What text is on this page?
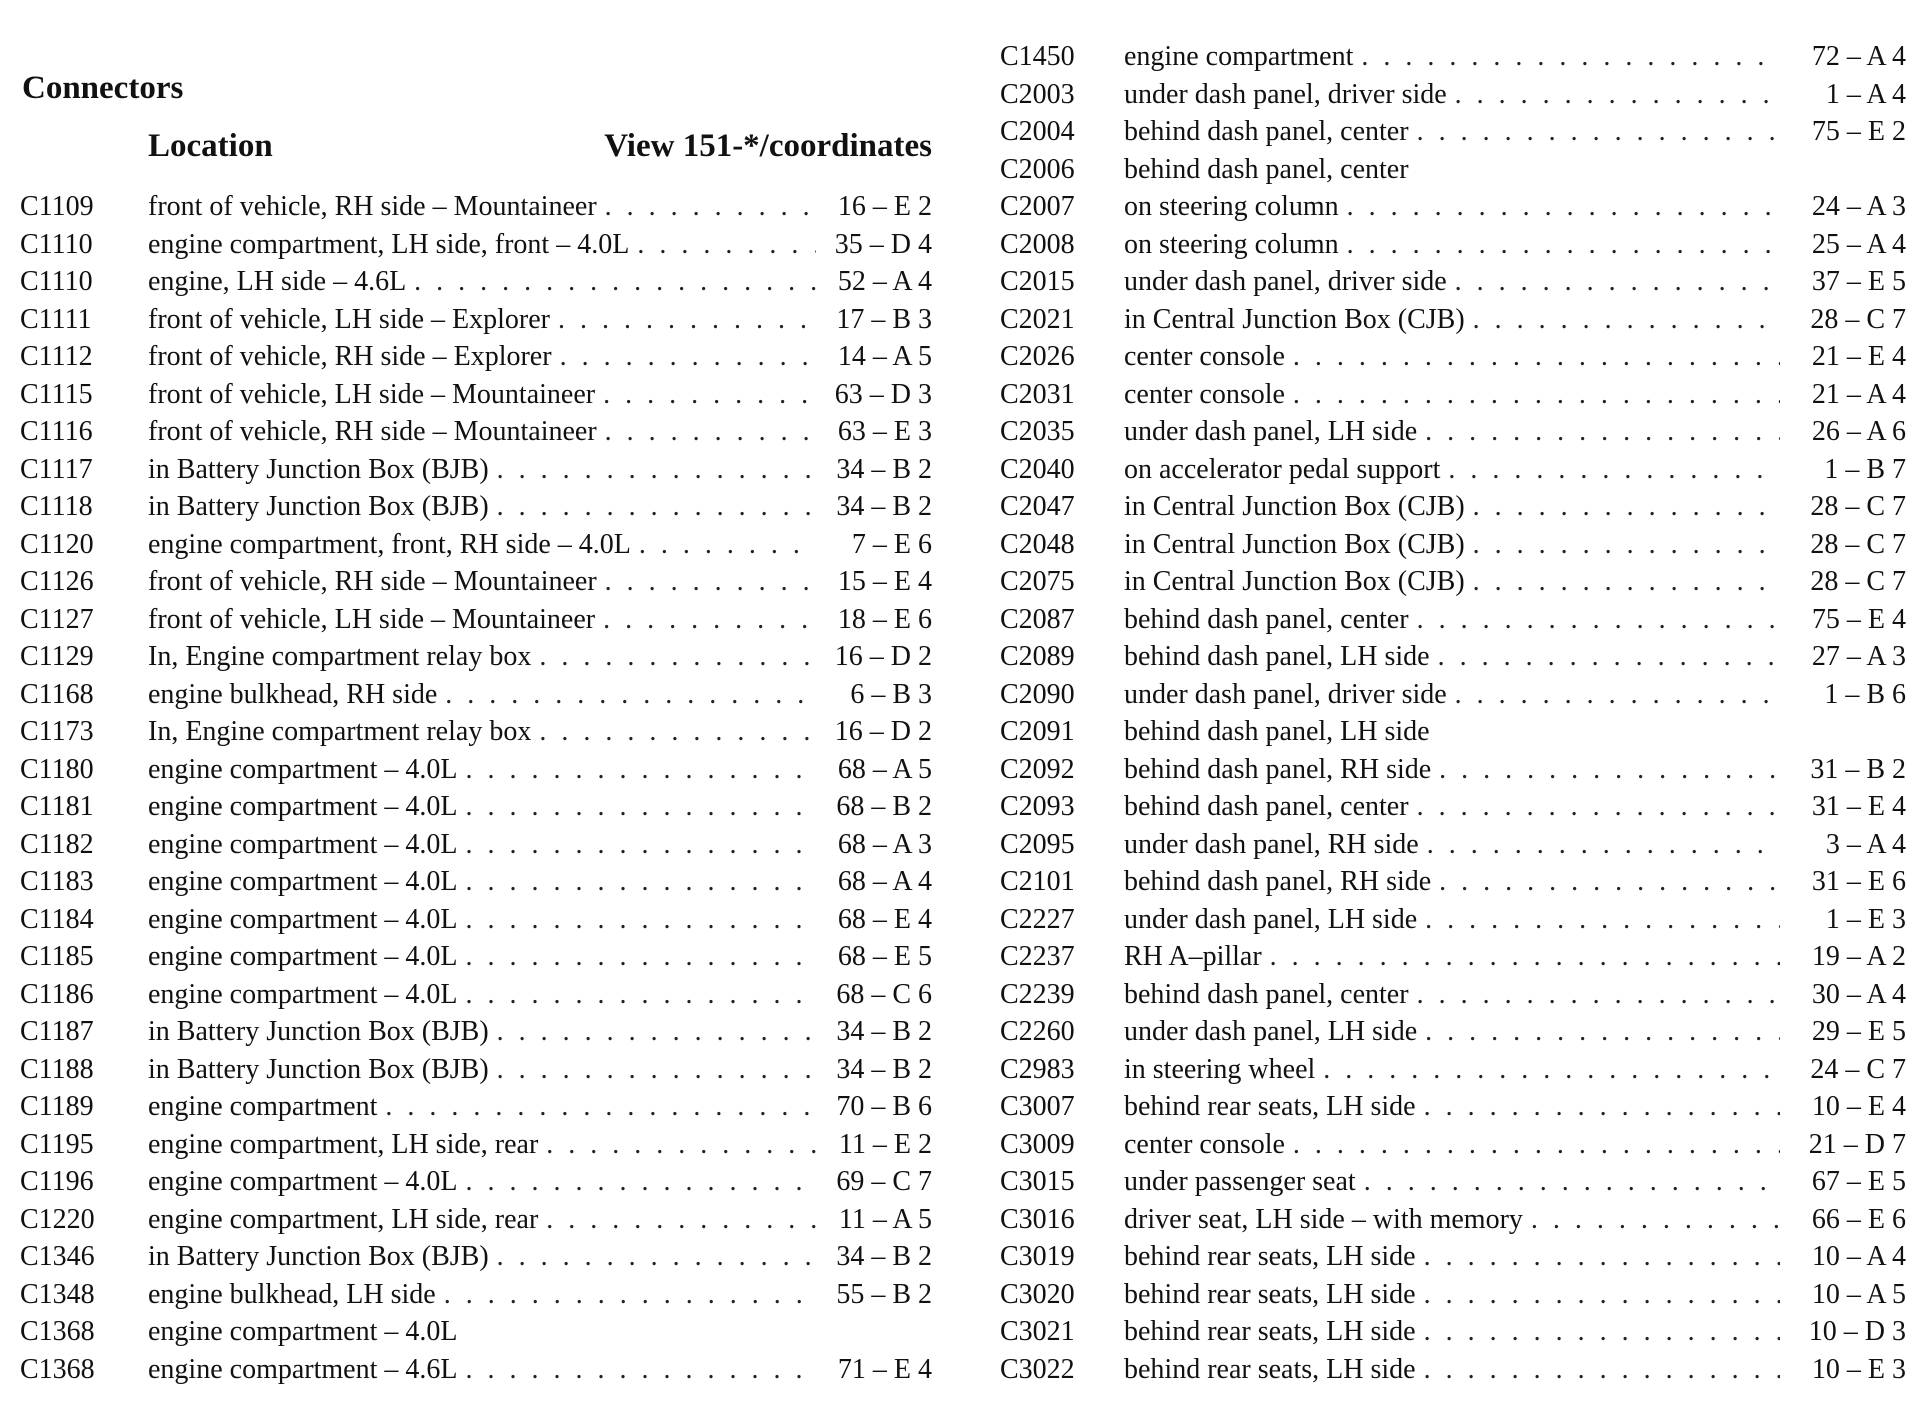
Connectors
Location	View 151-*/coordinates
C1109	front of vehicle, RH side – Mountaineer . . .	16 – E 2
C1110	engine compartment, LH side, front – 4.0L . . .	35 – D 4
C1110	engine, LH side – 4.6L . . .	52 – A 4
C1111	front of vehicle, LH side – Explorer . . .	17 – B 3
C1112	front of vehicle, RH side – Explorer . . .	14 – A 5
C1115	front of vehicle, LH side – Mountaineer . . .	63 – D 3
C1116	front of vehicle, RH side – Mountaineer . . .	63 – E 3
C1117	in Battery Junction Box (BJB) . . .	34 – B 2
C1118	in Battery Junction Box (BJB) . . .	34 – B 2
C1120	engine compartment, front, RH side – 4.0L . . .	7 – E 6
C1126	front of vehicle, RH side – Mountaineer . . .	15 – E 4
C1127	front of vehicle, LH side – Mountaineer . . .	18 – E 6
C1129	In, Engine compartment relay box . . .	16 – D 2
C1168	engine bulkhead, RH side . . .	6 – B 3
C1173	In, Engine compartment relay box . . .	16 – D 2
C1180	engine compartment – 4.0L . . .	68 – A 5
C1181	engine compartment – 4.0L . . .	68 – B 2
C1182	engine compartment – 4.0L . . .	68 – A 3
C1183	engine compartment – 4.0L . . .	68 – A 4
C1184	engine compartment – 4.0L . . .	68 – E 4
C1185	engine compartment – 4.0L . . .	68 – E 5
C1186	engine compartment – 4.0L . . .	68 – C 6
C1187	in Battery Junction Box (BJB) . . .	34 – B 2
C1188	in Battery Junction Box (BJB) . . .	34 – B 2
C1189	engine compartment . . .	70 – B 6
C1195	engine compartment, LH side, rear . . .	11 – E 2
C1196	engine compartment – 4.0L . . .	69 – C 7
C1220	engine compartment, LH side, rear . . .	11 – A 5
C1346	in Battery Junction Box (BJB) . . .	34 – B 2
C1348	engine bulkhead, LH side . . .	55 – B 2
C1368	engine compartment – 4.0L
C1368	engine compartment – 4.6L . . .	71 – E 4
C1450	engine compartment . . .	72 – A 4
C2003	under dash panel, driver side . . .	1 – A 4
C2004	behind dash panel, center . . .	75 – E 2
C2006	behind dash panel, center
C2007	on steering column . . .	24 – A 3
C2008	on steering column . . .	25 – A 4
C2015	under dash panel, driver side . . .	37 – E 5
C2021	in Central Junction Box (CJB) . . .	28 – C 7
C2026	center console . . .	21 – E 4
C2031	center console . . .	21 – A 4
C2035	under dash panel, LH side . . .	26 – A 6
C2040	on accelerator pedal support . . .	1 – B 7
C2047	in Central Junction Box (CJB) . . .	28 – C 7
C2048	in Central Junction Box (CJB) . . .	28 – C 7
C2075	in Central Junction Box (CJB) . . .	28 – C 7
C2087	behind dash panel, center . . .	75 – E 4
C2089	behind dash panel, LH side . . .	27 – A 3
C2090	under dash panel, driver side . . .	1 – B 6
C2091	behind dash panel, LH side
C2092	behind dash panel, RH side . . .	31 – B 2
C2093	behind dash panel, center . . .	31 – E 4
C2095	under dash panel, RH side . . .	3 – A 4
C2101	behind dash panel, RH side . . .	31 – E 6
C2227	under dash panel, LH side . . .	1 – E 3
C2237	RH A–pillar . . .	19 – A 2
C2239	behind dash panel, center . . .	30 – A 4
C2260	under dash panel, LH side . . .	29 – E 5
C2983	in steering wheel . . .	24 – C 7
C3007	behind rear seats, LH side . . .	10 – E 4
C3009	center console . . .	21 – D 7
C3015	under passenger seat . . .	67 – E 5
C3016	driver seat, LH side – with memory . . .	66 – E 6
C3019	behind rear seats, LH side . . .	10 – A 4
C3020	behind rear seats, LH side . . .	10 – A 5
C3021	behind rear seats, LH side . . .	10 – D 3
C3022	behind rear seats, LH side . . .	10 – E 3
